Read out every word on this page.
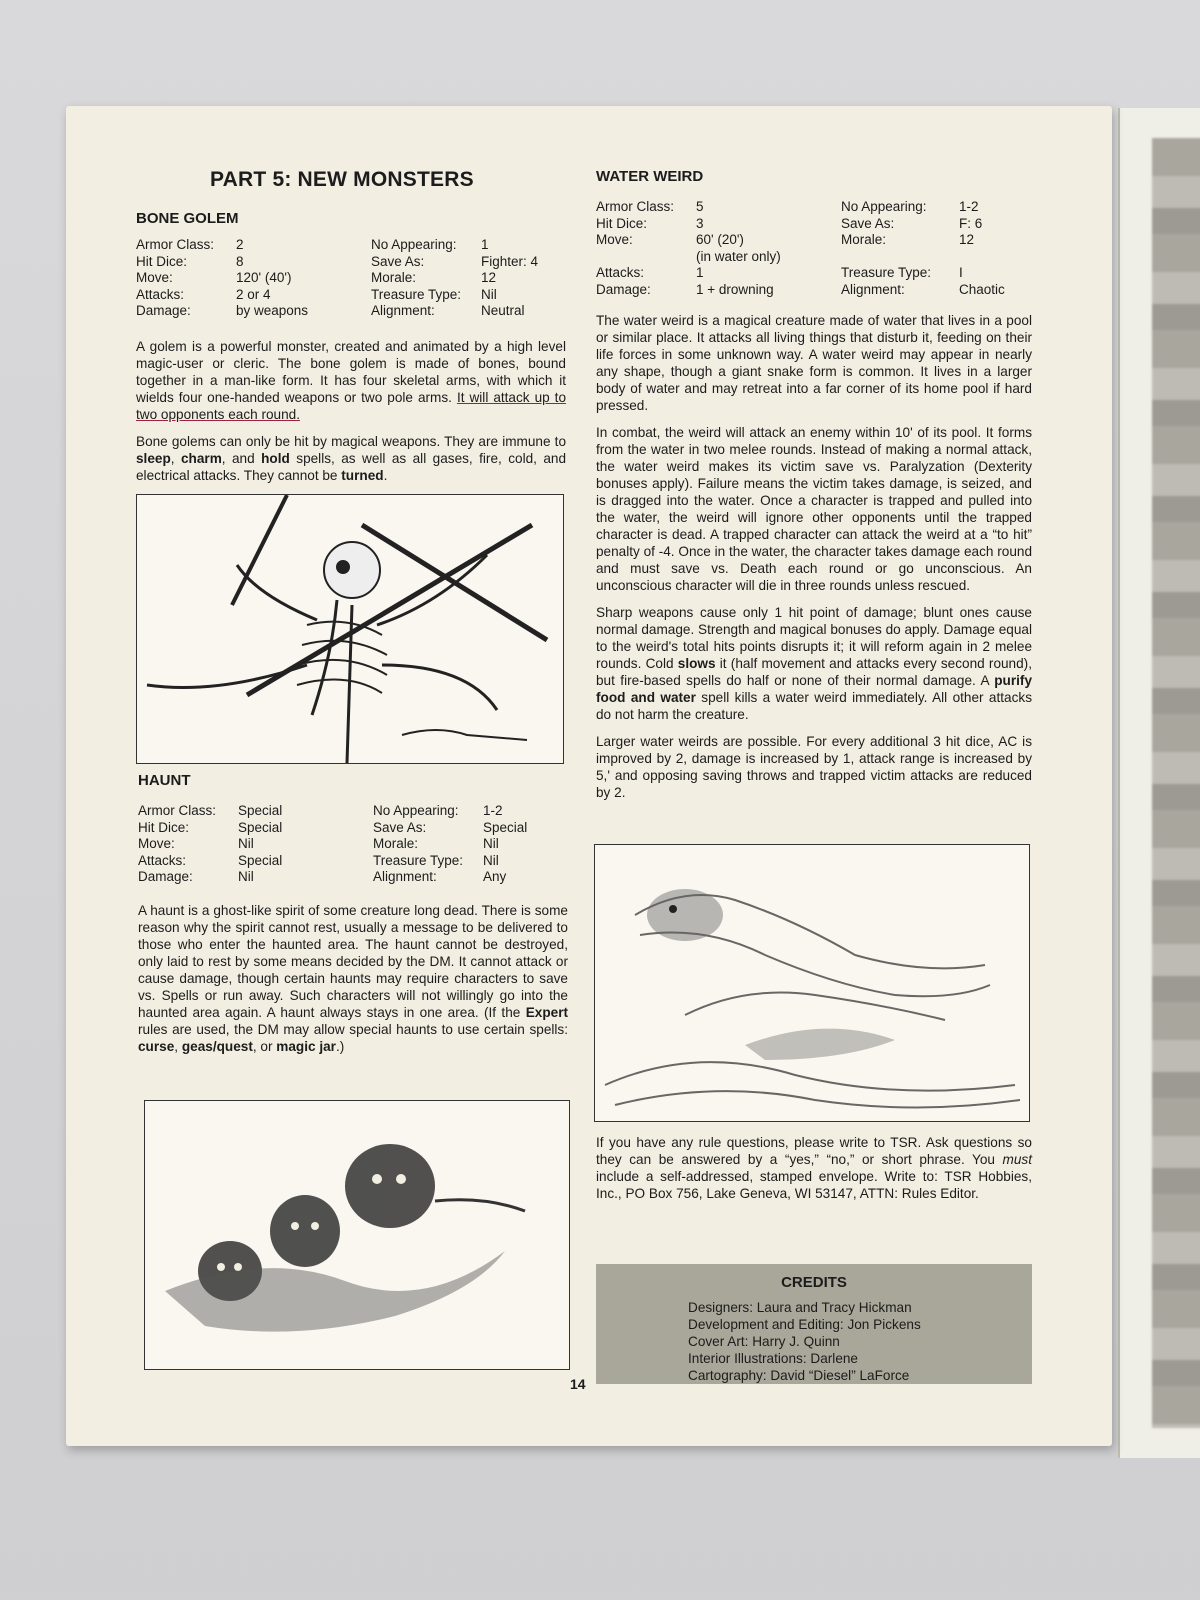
PART 5: NEW MONSTERS
BONE GOLEM
Armor Class:	2	No Appearing:	1
Hit Dice:	8	Save As:	Fighter: 4
Move:	120' (40')	Morale:	12
Attacks:	2 or 4	Treasure Type:	Nil
Damage:	by weapons	Alignment:	Neutral

A golem is a powerful monster, created and animated by a high level magic-user or cleric. The bone golem is made of bones, bound together in a man-like form. It has four skeletal arms, with which it wields four one-handed weapons or two pole arms. It will attack up to two opponents each round.

Bone golems can only be hit by magical weapons. They are immune to sleep, charm, and hold spells, as well as all gases, fire, cold, and electrical attacks. They cannot be turned.

HAUNT
Armor Class:	Special	No Appearing:	1-2
Hit Dice:	Special	Save As:	Special
Move:	Nil	Morale:	Nil
Attacks:	Special	Treasure Type:	Nil
Damage:	Nil	Alignment:	Any

A haunt is a ghost-like spirit of some creature long dead. There is some reason why the spirit cannot rest, usually a message to be delivered to those who enter the haunted area. The haunt cannot be destroyed, only laid to rest by some means decided by the DM. It cannot attack or cause damage, though certain haunts may require characters to save vs. Spells or run away. Such characters will not willingly go into the haunted area again. A haunt always stays in one area. (If the Expert rules are used, the DM may allow special haunts to use certain spells: curse, geas/quest, or magic jar.)

WATER WEIRD
Armor Class:	5	No Appearing:	1-2
Hit Dice:	3	Save As:	F: 6
Move:	60' (20')	Morale:	12
(in water only)
Attacks:	1	Treasure Type:	I
Damage:	1 + drowning	Alignment:	Chaotic

The water weird is a magical creature made of water that lives in a pool or similar place. It attacks all living things that disturb it, feeding on their life forces in some unknown way. A water weird may appear in nearly any shape, though a giant snake form is common. It lives in a larger body of water and may retreat into a far corner of its home pool if hard pressed.

In combat, the weird will attack an enemy within 10' of its pool. It forms from the water in two melee rounds. Instead of making a normal attack, the water weird makes its victim save vs. Paralyzation (Dexterity bonuses apply). Failure means the victim takes damage, is seized, and is dragged into the water. Once a character is trapped and pulled into the water, the weird will ignore other opponents until the trapped character is dead. A trapped character can attack the weird at a “to hit” penalty of -4. Once in the water, the character takes damage each round and must save vs. Death each round or go unconscious. An unconscious character will die in three rounds unless rescued.

Sharp weapons cause only 1 hit point of damage; blunt ones cause normal damage. Strength and magical bonuses do apply. Damage equal to the weird's total hits points disrupts it; it will reform again in 2 melee rounds. Cold slows it (half movement and attacks every second round), but fire-based spells do half or none of their normal damage. A purify food and water spell kills a water weird immediately. All other attacks do not harm the creature.

Larger water weirds are possible. For every additional 3 hit dice, AC is improved by 2, damage is increased by 1, attack range is increased by 5,' and opposing saving throws and trapped victim attacks are reduced by 2.

If you have any rule questions, please write to TSR. Ask questions so they can be answered by a “yes,” “no,” or short phrase. You must include a self-addressed, stamped envelope. Write to: TSR Hobbies, Inc., PO Box 756, Lake Geneva, WI 53147, ATTN: Rules Editor.

CREDITS
Designers: Laura and Tracy Hickman
Development and Editing: Jon Pickens
Cover Art: Harry J. Quinn
Interior Illustrations: Darlene
Cartography: David “Diesel” LaForce
14
